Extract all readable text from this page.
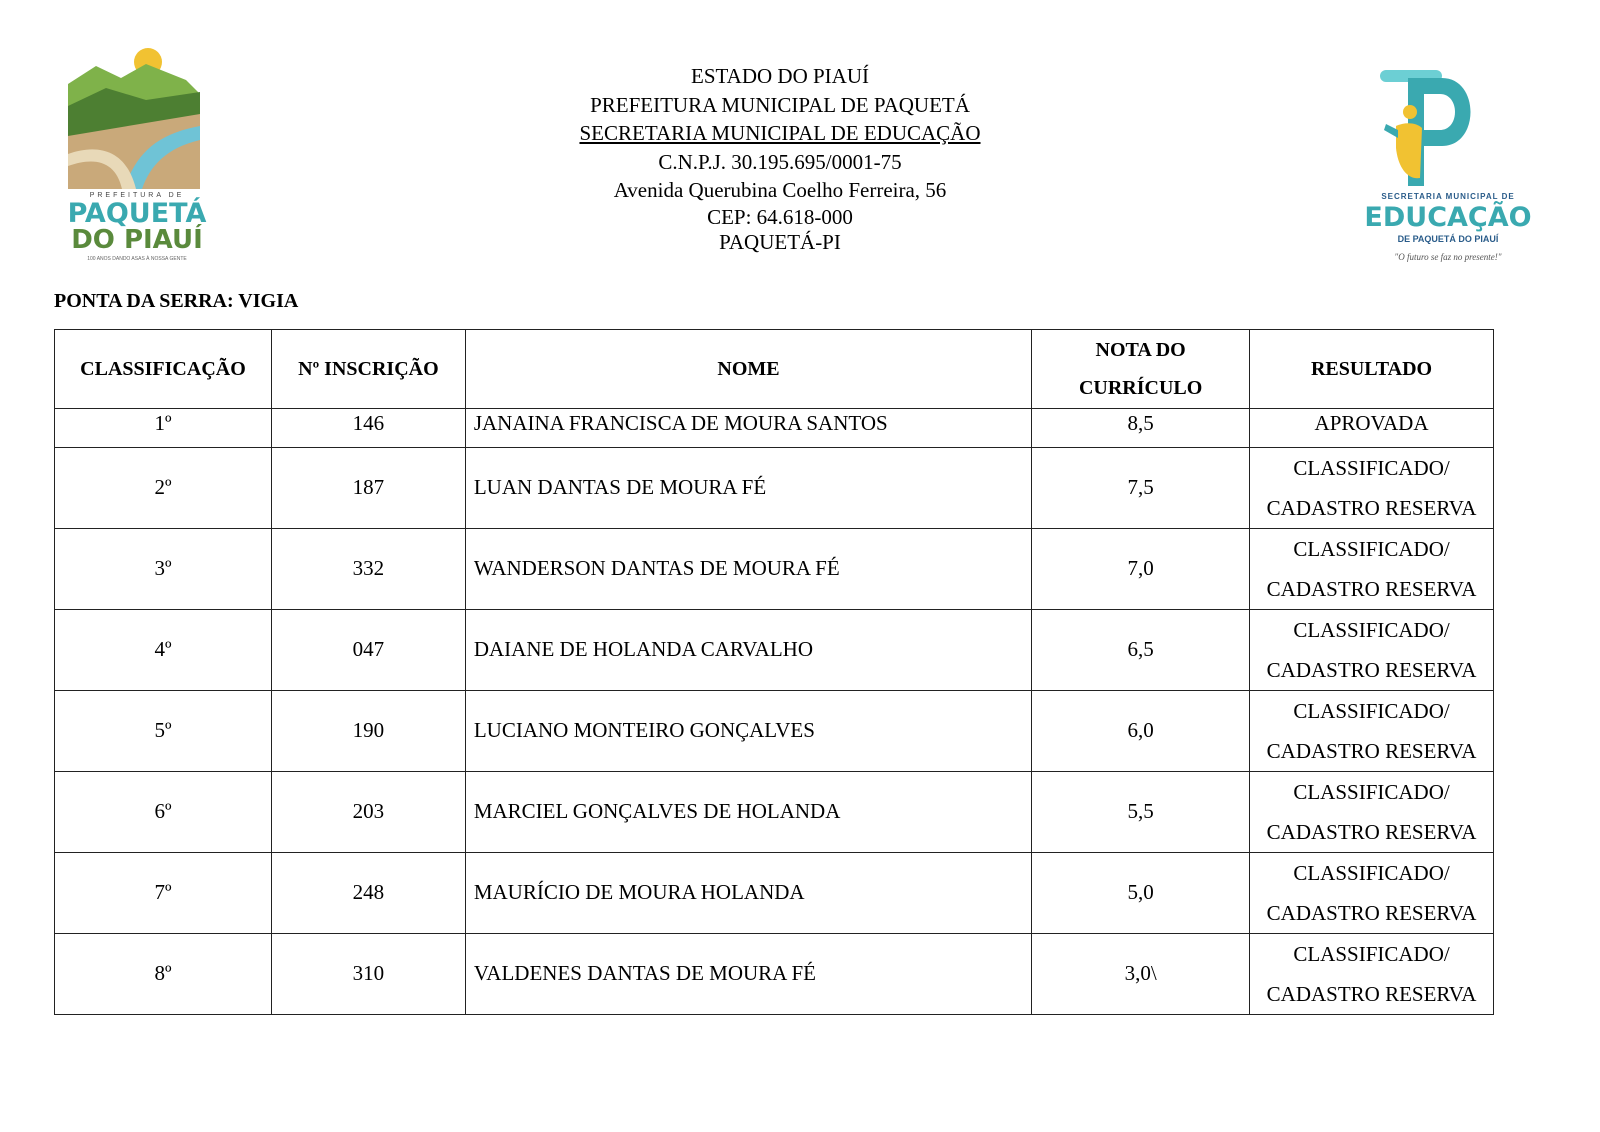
PREFEITURA DE
PAQUETÁ
DO PIAUÍ
100 ANOS DANDO ASAS À NOSSA GENTE
ESTADO DO PIAUÍ
PREFEITURA MUNICIPAL DE PAQUETÁ
SECRETARIA MUNICIPAL DE EDUCAÇÃO
C.N.P.J. 30.195.695/0001-75
Avenida Querubina Coelho Ferreira, 56
CEP: 64.618-000
PAQUETÁ-PI
SECRETARIA MUNICIPAL DE
EDUCAÇÃO
DE PAQUETÁ DO PIAUÍ
"O futuro se faz no presente!"
PONTA DA SERRA: VIGIA
CLASSIFICAÇÃO	Nº INSCRIÇÃO	NOME	NOTA DO
CURRÍCULO	RESULTADO
1º	146	JANAINA FRANCISCA DE MOURA SANTOS	8,5	APROVADA

2º	187	LUAN DANTAS DE MOURA FÉ	7,5	CLASSIFICADO/
CADASTRO RESERVA

3º	332	WANDERSON DANTAS DE MOURA FÉ	7,0	CLASSIFICADO/
CADASTRO RESERVA

4º	047	DAIANE DE HOLANDA CARVALHO	6,5	CLASSIFICADO/
CADASTRO RESERVA

5º	190	LUCIANO MONTEIRO GONÇALVES	6,0	CLASSIFICADO/
CADASTRO RESERVA

6º	203	MARCIEL GONÇALVES DE HOLANDA	5,5	CLASSIFICADO/
CADASTRO RESERVA

7º	248	MAURÍCIO DE MOURA HOLANDA	5,0	CLASSIFICADO/
CADASTRO RESERVA

8º	310	VALDENES DANTAS DE MOURA FÉ	3,0\	CLASSIFICADO/
CADASTRO RESERVA
